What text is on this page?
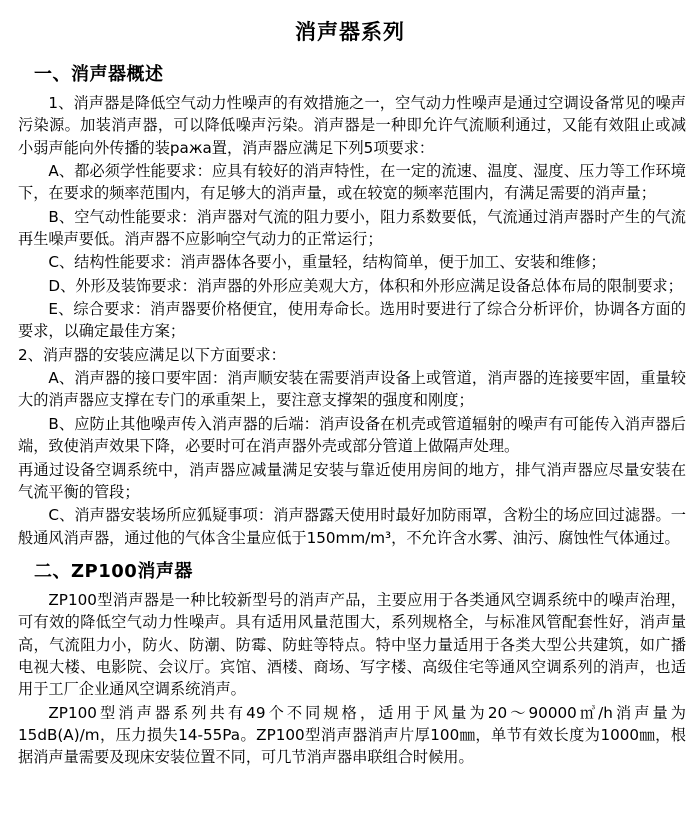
消声器系列
一、消声器概述

1、消声器是降低空气动力性噪声的有效措施之一，空气动力性噪声是通过空调设备常见的噪声污染源。加装消声器，可以降低噪声污染。消声器是一种即允许气流顺利通过，又能有效阻止或减小弱声能向外传播的装ража置，消声器应满足下列5项要求：

A、都必须学性能要求：应具有较好的消声特性，在一定的流速、温度、湿度、压力等工作环境下，在要求的频率范围内，有足够大的消声量，或在较宽的频率范围内，有满足需要的消声量；

B、空气动性能要求：消声器对气流的阻力要小，阻力系数要低，气流通过消声器时产生的气流再生噪声要低。消声器不应影响空气动力的正常运行；

C、结构性能要求：消声器体各要小，重量轻，结构简单，便于加工、安装和维修；

D、外形及装饰要求：消声器的外形应美观大方，体积和外形应满足设备总体布局的限制要求；

E、综合要求：消声器要价格便宜，使用寿命长。选用时要进行了综合分析评价，协调各方面的要求，以确定最佳方案；

2、消声器的安装应满足以下方面要求：

A、消声器的接口要牢固：消声顺安装在需要消声设备上或管道，消声器的连接要牢固，重量较大的消声器应支撑在专门的承重架上，要注意支撑架的强度和刚度；

B、应防止其他噪声传入消声器的后端：消声设备在机壳或管道辐射的噪声有可能传入消声器后端，致使消声效果下降，必要时可在消声器外壳或部分管道上做隔声处理。

再通过设备空调系统中，消声器应减量满足安装与靠近使用房间的地方，排气消声器应尽量安装在气流平衡的管段；

C、消声器安装场所应狐疑事项：消声器露天使用时最好加防雨罩，含粉尘的场应回过滤器。一般通风消声器，通过他的气体含尘量应低于150mm/m³，不允许含水雾、油污、腐蚀性气体通过。

二、ZP100消声器

ZP100型消声器是一种比较新型号的消声产品，主要应用于各类通风空调系统中的噪声治理，可有效的降低空气动力性噪声。具有适用风量范围大，系列规格全，与标准风管配套性好，消声量高，气流阻力小，防火、防潮、防霉、防蛀等特点。特中坚力量适用于各类大型公共建筑，如广播电视大楼、电影院、会议厅。宾馆、酒楼、商场、写字楼、高级住宅等通风空调系列的消声，也适用于工厂企业通风空调系统消声。

ZP100型消声器系列共有49个不同规格，适用于风量为20～90000㎥/h消声量为15dB(A)/m，压力损失14-55Pa。ZP100型消声器消声片厚100㎜，单节有效长度为1000㎜，根据消声量需要及现床安装位置不同，可几节消声器串联组合时候用。
